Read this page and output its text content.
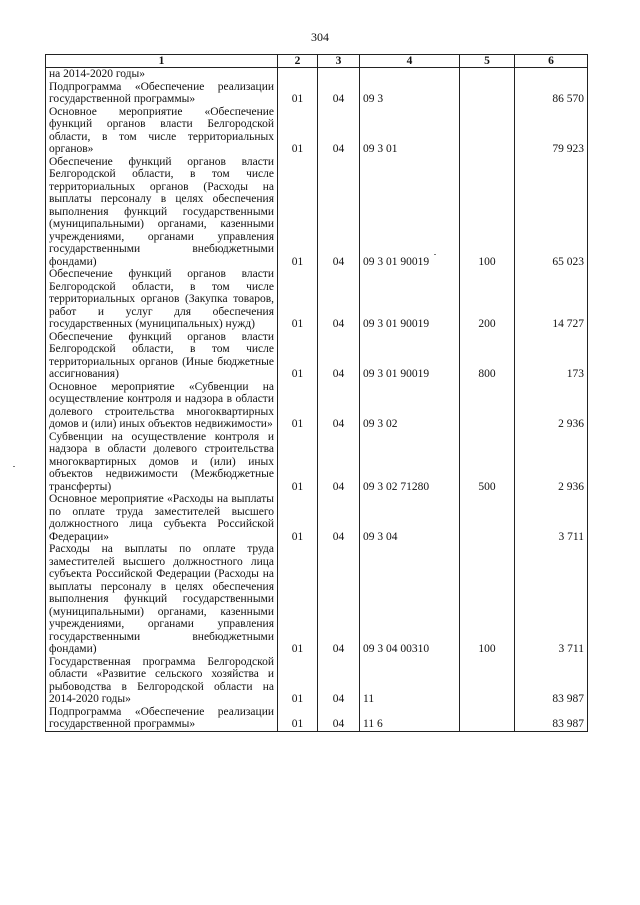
304
1	2	3	4	5	6
на 2014-2020 годы»					
Подпрограмма «Обеспечение реализации государственной программы»	01	04	09 3		86 570
Основное мероприятие «Обеспечение функций органов власти Белгородской области, в том числе территориальных органов»	01	04	09 3 01		79 923
Обеспечение функций органов власти Белгородской области, в том числе территориальных органов (Расходы на выплаты персоналу в целях обеспечения выполнения функций государственными (муниципальными) органами, казенными учреждениями, органами управления государственными внебюджетными фондами)	01	04	09 3 01 90019	100	65 023
Обеспечение функций органов власти Белгородской области, в том числе территориальных органов (Закупка товаров, работ и услуг для обеспечения государственных (муниципальных) нужд)	01	04	09 3 01 90019	200	14 727
Обеспечение функций органов власти Белгородской области, в том числе территориальных органов (Иные бюджетные ассигнования)	01	04	09 3 01 90019	800	173
Основное мероприятие «Субвенции на осуществление контроля и надзора в области долевого строительства многоквартирных домов и (или) иных объектов недвижимости»	01	04	09 3 02		2 936
Субвенции на осуществление контроля и надзора в области долевого строительства многоквартирных домов и (или) иных объектов недвижимости (Межбюджетные трансферты)	01	04	09 3 02 71280	500	2 936
Основное мероприятие «Расходы на выплаты по оплате труда заместителей высшего должностного лица субъекта Российской Федерации»	01	04	09 3 04		3 711
Расходы на выплаты по оплате труда заместителей высшего должностного лица субъекта Российской Федерации (Расходы на выплаты персоналу в целях обеспечения выполнения функций государственными (муниципальными) органами, казенными учреждениями, органами управления государственными внебюджетными фондами)	01	04	09 3 04 00310	100	3 711
Государственная программа Белгородской области «Развитие сельского хозяйства и рыбоводства в Белгородской области на 2014-2020 годы»	01	04	11		83 987
Подпрограмма «Обеспечение реализации государственной программы»	01	04	11 6		83 987
